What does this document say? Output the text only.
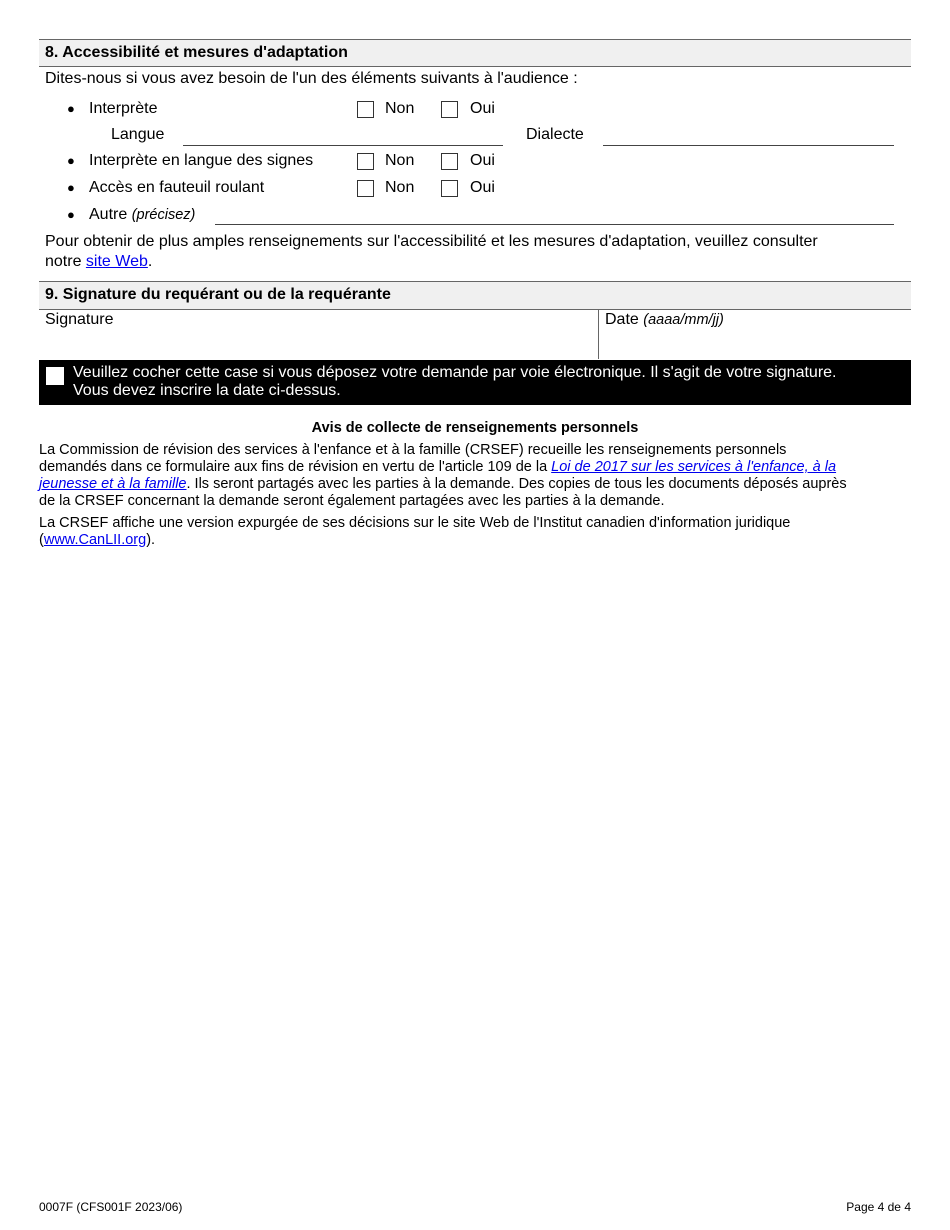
8. Accessibilité et mesures d'adaptation
Dites-nous si vous avez besoin de l'un des éléments suivants à l'audience :
● Interprète	Non	Oui
Langue	Dialecte
● Interprète en langue des signes	Non	Oui
● Accès en fauteuil roulant	Non	Oui
● Autre (précisez)
Pour obtenir de plus amples renseignements sur l'accessibilité et les mesures d'adaptation, veuillez consulter
notre site Web.
9. Signature du requérant ou de la requérante
Signature	Date (aaaa/mm/jj)
Veuillez cocher cette case si vous déposez votre demande par voie électronique. Il s'agit de votre signature.
Vous devez inscrire la date ci-dessus.
Avis de collecte de renseignements personnels
La Commission de révision des services à l'enfance et à la famille (CRSEF) recueille les renseignements personnels
demandés dans ce formulaire aux fins de révision en vertu de l'article 109 de la Loi de 2017 sur les services à l'enfance, à la
jeunesse et à la famille. Ils seront partagés avec les parties à la demande. Des copies de tous les documents déposés auprès
de la CRSEF concernant la demande seront également partagées avec les parties à la demande.
La CRSEF affiche une version expurgée de ses décisions sur le site Web de l'Institut canadien d'information juridique
(www.CanLII.org).
0007F (CFS001F 2023/06)	Page 4 de 4
